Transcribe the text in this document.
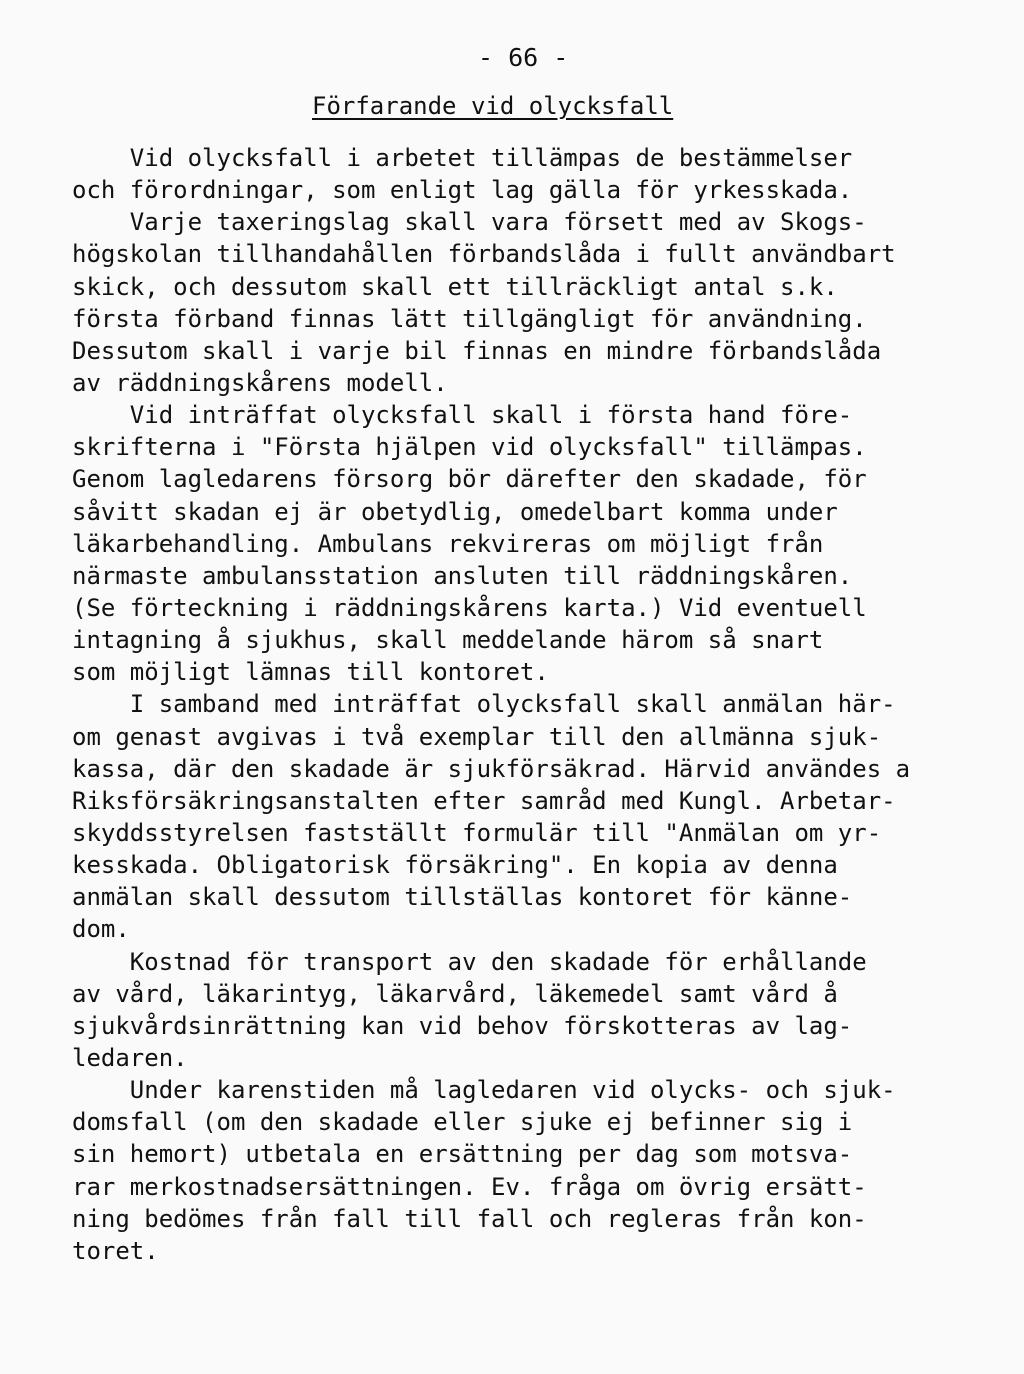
- 66 -
Förfarande vid olycksfall
Vid olycksfall i arbetet tillämpas de bestämmelser
och förordningar, som enligt lag gälla för yrkesskada.
Varje taxeringslag skall vara försett med av Skogs-
högskolan tillhandahållen förbandslåda i fullt användbart
skick, och dessutom skall ett tillräckligt antal s.k.
första förband finnas lätt tillgängligt för användning.
Dessutom skall i varje bil finnas en mindre förbandslåda
av räddningskårens modell.
Vid inträffat olycksfall skall i första hand före-
skrifterna i "Första hjälpen vid olycksfall" tillämpas.
Genom lagledarens försorg bör därefter den skadade, för
såvitt skadan ej är obetydlig, omedelbart komma under
läkarbehandling. Ambulans rekvireras om möjligt från
närmaste ambulansstation ansluten till räddningskåren.
(Se förteckning i räddningskårens karta.) Vid eventuell
intagning å sjukhus, skall meddelande härom så snart
som möjligt lämnas till kontoret.
I samband med inträffat olycksfall skall anmälan här-
om genast avgivas i två exemplar till den allmänna sjuk-
kassa, där den skadade är sjukförsäkrad. Härvid användes a
Riksförsäkringsanstalten efter samråd med Kungl. Arbetar-
skyddsstyrelsen fastställt formulär till "Anmälan om yr-
kesskada. Obligatorisk försäkring". En kopia av denna
anmälan skall dessutom tillställas kontoret för känne-
dom.
Kostnad för transport av den skadade för erhållande
av vård, läkarintyg, läkarvård, läkemedel samt vård å
sjukvårdsinrättning kan vid behov förskotteras av lag-
ledaren.
Under karenstiden må lagledaren vid olycks- och sjuk-
domsfall (om den skadade eller sjuke ej befinner sig i
sin hemort) utbetala en ersättning per dag som motsva-
rar merkostnadsersättningen. Ev. fråga om övrig ersätt-
ning bedömes från fall till fall och regleras från kon-
toret.
